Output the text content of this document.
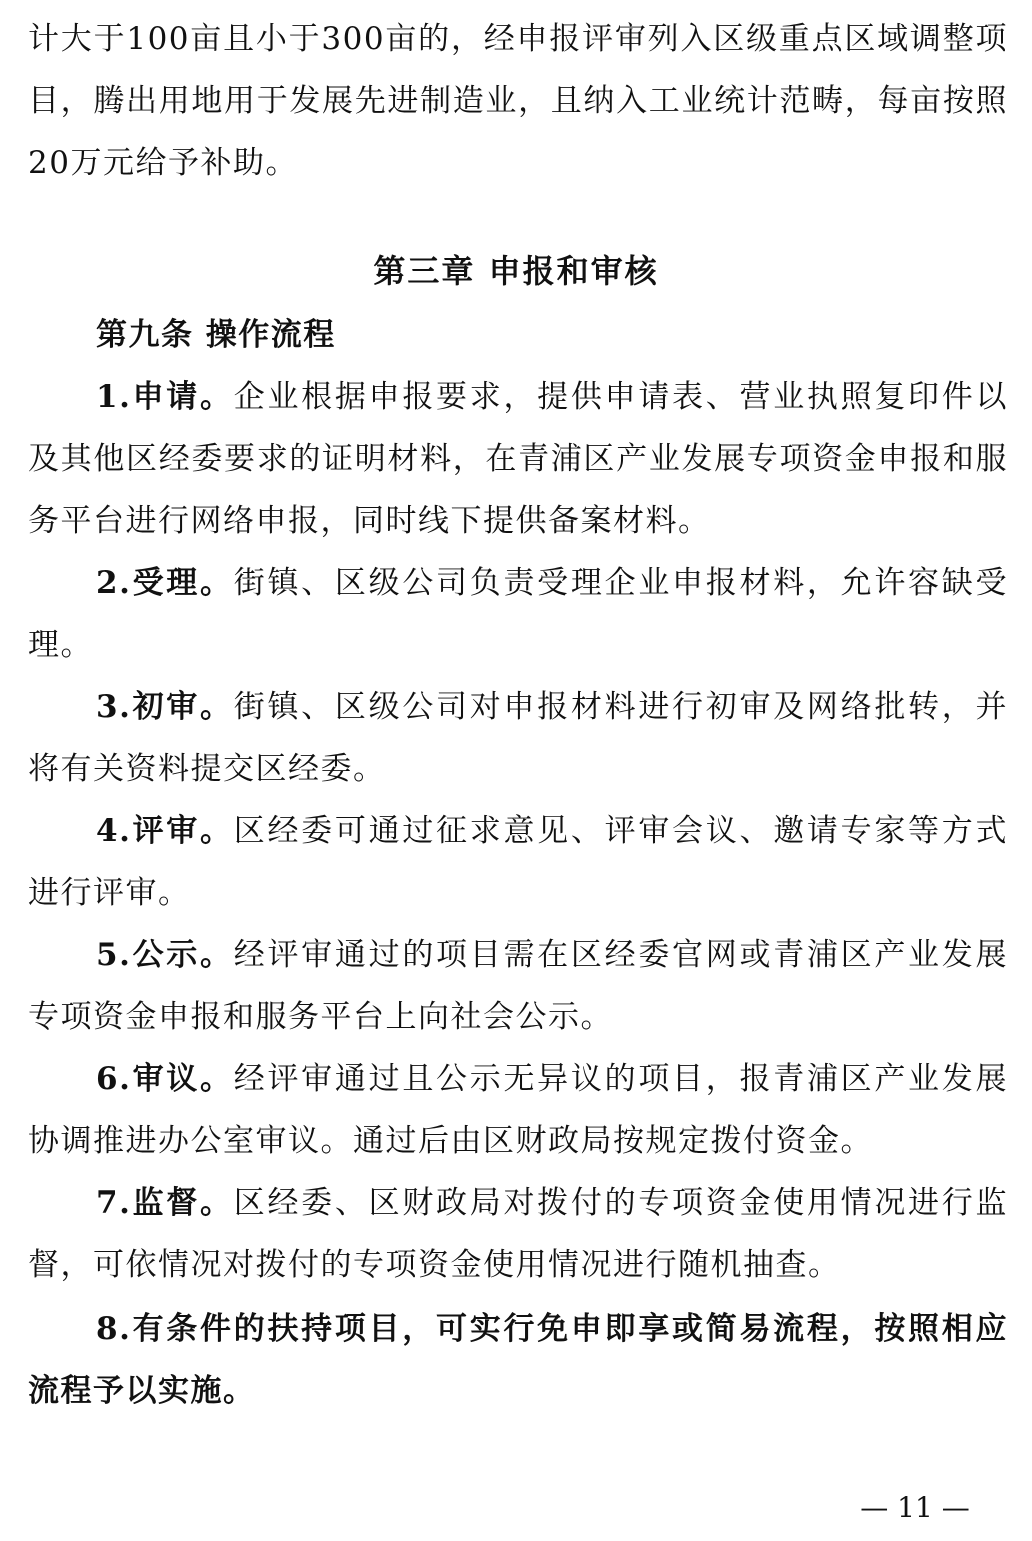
计大于100亩且小于300亩的，经申报评审列入区级重点区域调整项目，腾出用地用于发展先进制造业，且纳入工业统计范畴，每亩按照20万元给予补助。

第三章 申报和审核
第九条 操作流程

1.申请。企业根据申报要求，提供申请表、营业执照复印件以及其他区经委要求的证明材料，在青浦区产业发展专项资金申报和服务平台进行网络申报，同时线下提供备案材料。

2.受理。街镇、区级公司负责受理企业申报材料，允许容缺受理。

3.初审。街镇、区级公司对申报材料进行初审及网络批转，并将有关资料提交区经委。

4.评审。区经委可通过征求意见、评审会议、邀请专家等方式进行评审。

5.公示。经评审通过的项目需在区经委官网或青浦区产业发展专项资金申报和服务平台上向社会公示。

6.审议。经评审通过且公示无异议的项目，报青浦区产业发展协调推进办公室审议。通过后由区财政局按规定拨付资金。

7.监督。区经委、区财政局对拨付的专项资金使用情况进行监督，可依情况对拨付的专项资金使用情况进行随机抽查。

8.有条件的扶持项目，可实行免申即享或简易流程，按照相应流程予以实施。

— 11 —
